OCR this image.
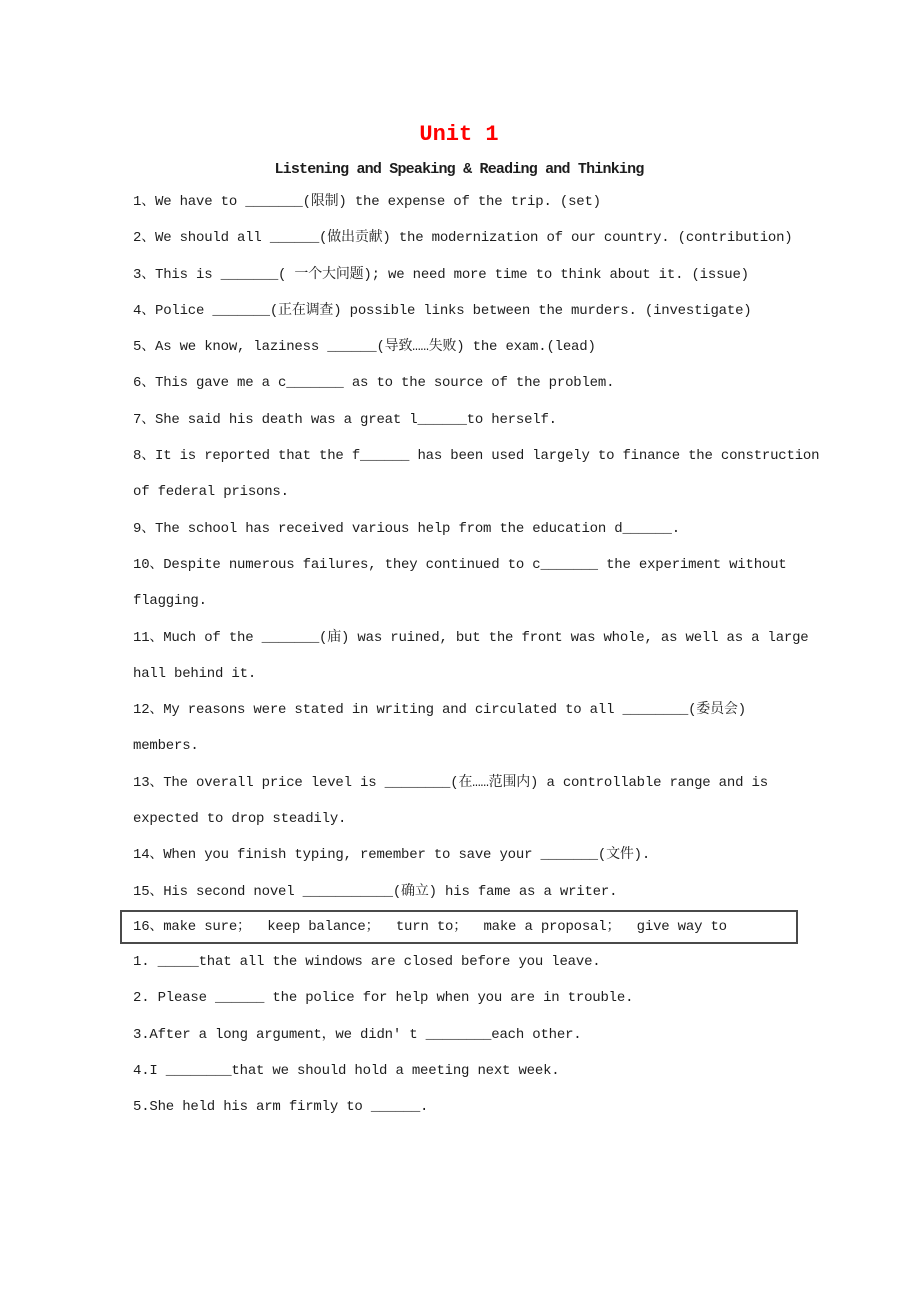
Unit 1
Listening and Speaking & Reading and Thinking
1、We have to _______(限制) the expense of the trip. (set)
2、We should all ______(做出贡献) the modernization of our country. (contribution)
3、This is _______( 一个大问题); we need more time to think about it. (issue)
4、Police _______(正在调查) possible links between the murders. (investigate)
5、As we know, laziness ______(导致……失败) the exam.(lead)
6、This gave me a c_______ as to the source of the problem.
7、She said his death was a great l______to herself.
8、It is reported that the f______ has been used largely to finance the construction
of federal prisons.
9、The school has received various help from the education d______.
10、Despite numerous failures, they continued to c_______ the experiment without
flagging.
11、Much of the _______(庙) was ruined, but the front was whole, as well as a large
hall behind it.
12、My reasons were stated in writing and circulated to all ________(委员会)
members.
13、The overall price level is ________(在……范围内) a controllable range and is
expected to drop steadily.
14、When you finish typing, remember to save your _______(文件).
15、His second novel ___________(确立) his fame as a writer.
16、make sure；  keep balance；  turn to；  make a proposal；  give way to
1. _____that all the windows are closed before you leave.
2. Please ______ the police for help when you are in trouble.
3.After a long argument，we didn' t ________each other.
4.I ________that we should hold a meeting next week.
5.She held his arm firmly to ______.
